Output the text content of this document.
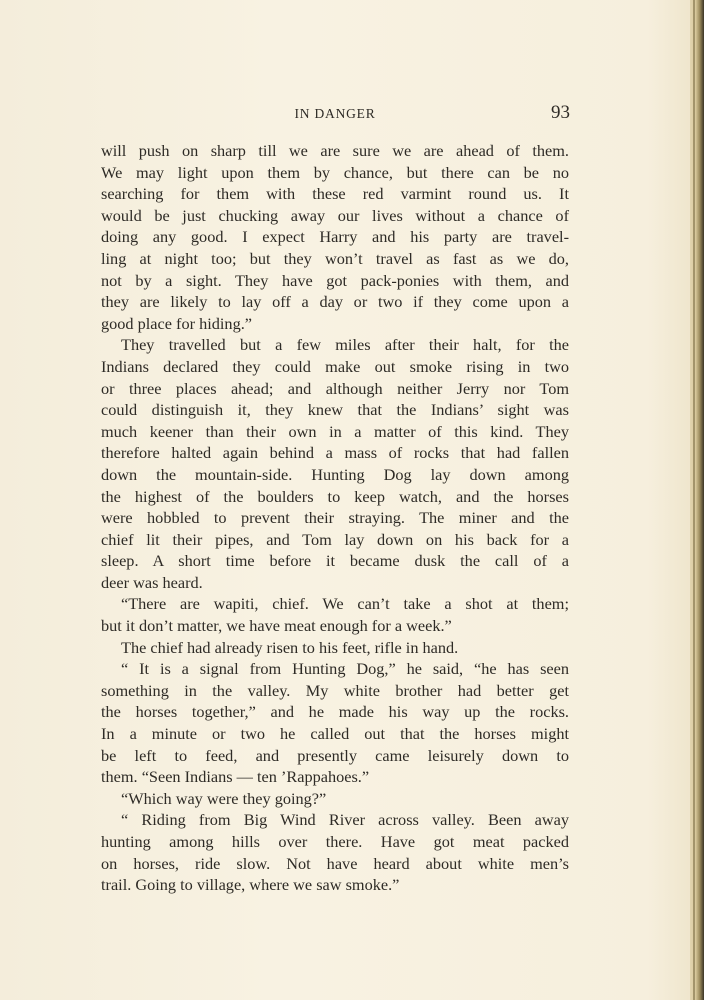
IN DANGER	93
will push on sharp till we are sure we are ahead of them.
We may light upon them by chance, but there can be no
searching for them with these red varmint round us. It
would be just chucking away our lives without a chance of
doing any good. I expect Harry and his party are travel-
ling at night too; but they won’t travel as fast as we do,
not by a sight. They have got pack-ponies with them, and
they are likely to lay off a day or two if they come upon a
good place for hiding.”
They travelled but a few miles after their halt, for the
Indians declared they could make out smoke rising in two
or three places ahead; and although neither Jerry nor Tom
could distinguish it, they knew that the Indians’ sight was
much keener than their own in a matter of this kind. They
therefore halted again behind a mass of rocks that had fallen
down the mountain-side. Hunting Dog lay down among
the highest of the boulders to keep watch, and the horses
were hobbled to prevent their straying. The miner and the
chief lit their pipes, and Tom lay down on his back for a
sleep. A short time before it became dusk the call of a
deer was heard.
“There are wapiti, chief. We can’t take a shot at them;
but it don’t matter, we have meat enough for a week.”
The chief had already risen to his feet, rifle in hand.
“ It is a signal from Hunting Dog,” he said, “he has seen
something in the valley. My white brother had better get
the horses together,” and he made his way up the rocks.
In a minute or two he called out that the horses might
be left to feed, and presently came leisurely down to
them. “Seen Indians — ten ’Rappahoes.”
“Which way were they going?”
“ Riding from Big Wind River across valley. Been away
hunting among hills over there. Have got meat packed
on horses, ride slow. Not have heard about white men’s
trail. Going to village, where we saw smoke.”
